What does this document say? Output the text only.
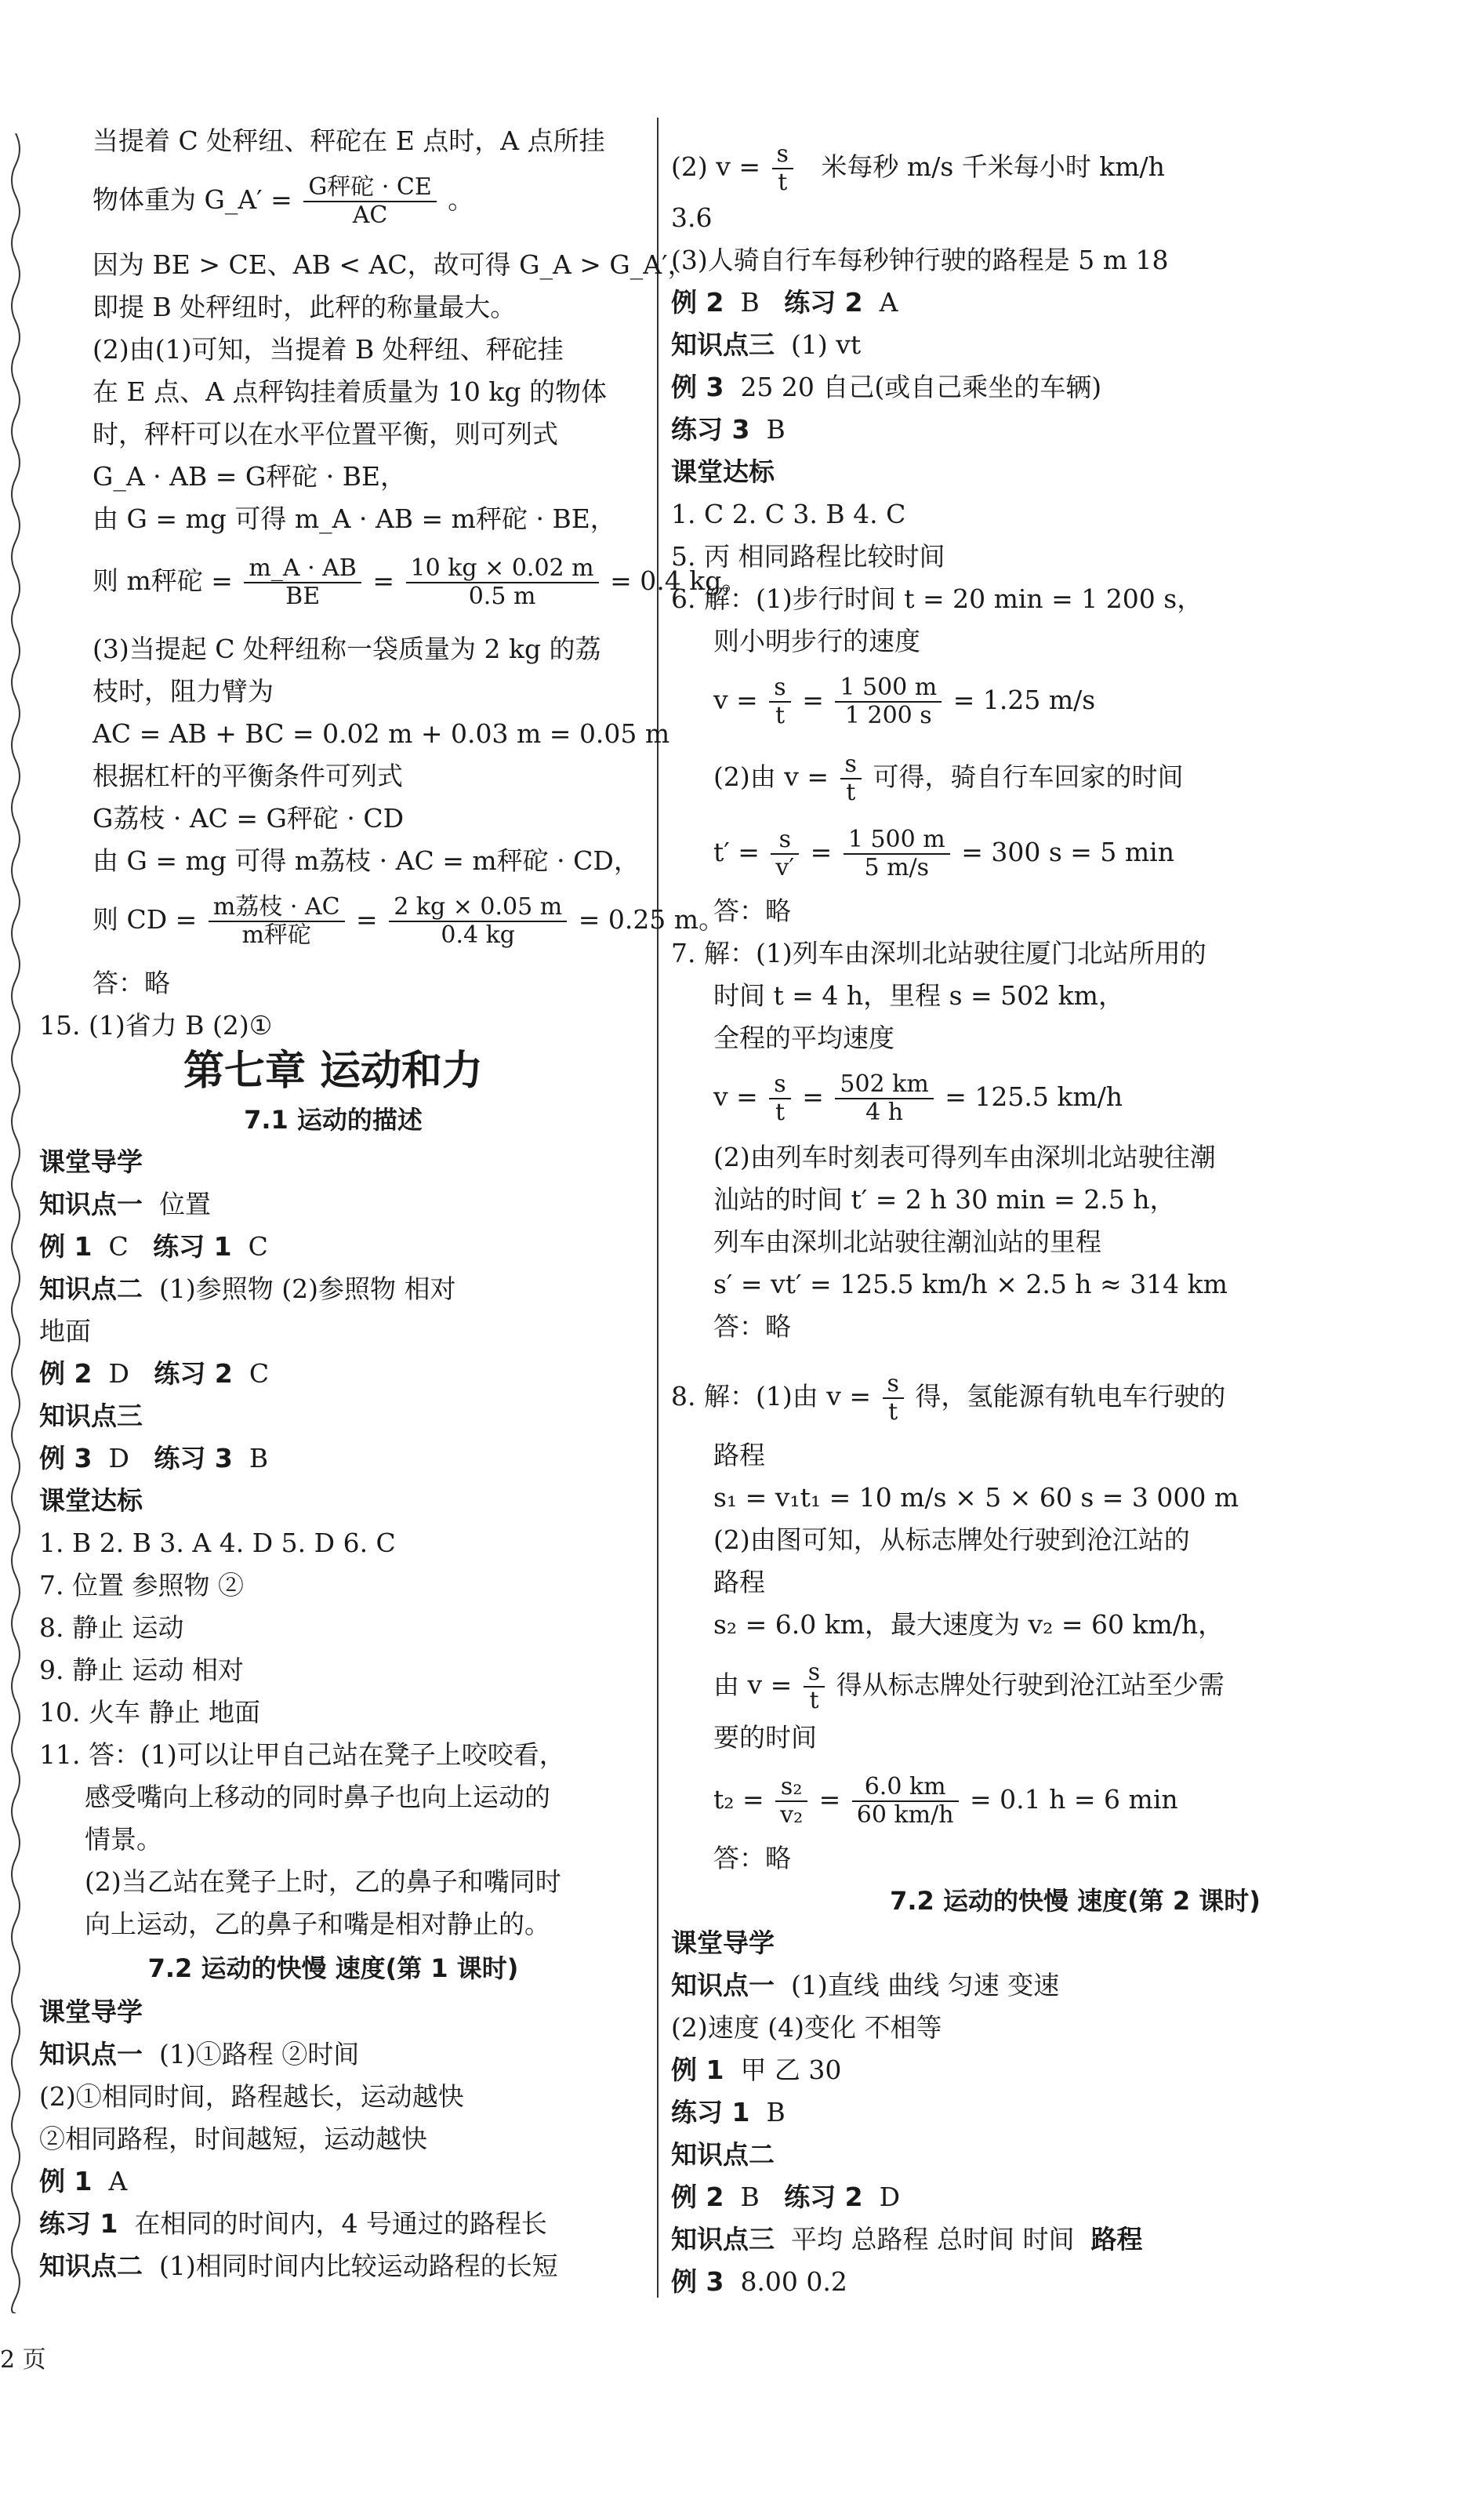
当提着 C 处秤纽、秤砣在 E 点时，A 点所挂
物体重为 G_A′ = $\frac{\text{G秤砣 · CE}}{AC}$ 。
因为 BE > CE、AB < AC，故可得 G_A > G_A′，
即提 B 处秤纽时，此秤的称量最大。
(2)由(1)可知，当提着 B 处秤纽、秤砣挂
在 E 点、A 点秤钩挂着质量为 10 kg 的物体
时，秤杆可以在水平位置平衡，则可列式
G_A · AB = G秤砣 · BE，
由 G = mg 可得 m_A · AB = m秤砣 · BE，
则 m秤砣 = $\frac{m\_A \cdot AB}{BE} = \frac{10 kg \times 0.02 m}{0.5 m} = 0.4$ kg。
(3)当提起 C 处秤纽称一袋质量为 2 kg 的荔
枝时，阻力臂为
AC = AB + BC = 0.02 m + 0.03 m = 0.05 m
根据杠杆的平衡条件可列式
G荔枝 · AC = G秤砣 · CD
由 G = mg 可得 m荔枝 · AC = m秤砣 · CD，
则 CD = $\frac{\text{m荔枝 · AC}}{\text{m秤砣}} = \frac{2 kg \times 0.05 m}{0.4 kg} = 0.25$ m。
答：略
15. (1)省力 B (2)①
第七章 运动和力
7.1 运动的描述
课堂导学
知识点一 位置
例 1 C 练习 1 C
知识点二 (1)参照物 (2)参照物 相对
地面
例 2 D 练习 2 C
知识点三
例 3 D 练习 3 B
课堂达标
1. B 2. B 3. A 4. D 5. D 6. C
7. 位置 参照物 ②
8. 静止 运动
9. 静止 运动 相对
10. 火车 静止 地面
11. 答：(1)可以让甲自己站在凳子上咬咬看，
感受嘴向上移动的同时鼻子也向上运动的
情景。
(2)当乙站在凳子上时，乙的鼻子和嘴同时
向上运动，乙的鼻子和嘴是相对静止的。
7.2 运动的快慢 速度(第 1 课时)
课堂导学
知识点一 (1)①路程 ②时间
(2)①相同时间，路程越长，运动越快
②相同路程，时间越短，运动越快
例 1 A
练习 1 在相同的时间内，4 号通过的路程长
知识点二 (1)相同时间内比较运动路程的长短
(2) $v = \frac{s}{t}$ 米每秒 m/s 千米每小时 km/h
3.6
(3)人骑自行车每秒钟行驶的路程是 5 m 18
例 2 B 练习 2 A
知识点三 (1) vt
例 3 25 20 自己(或自己乘坐的车辆)
练习 3 B
课堂达标
1. C 2. C 3. B 4. C
5. 丙 相同路程比较时间
6. 解：(1)步行时间 t = 20 min = 1 200 s，
则小明步行的速度
$v = \frac{s}{t} = \frac{1 500 m}{1 200 s} = 1.25$ m/s
(2)由 $v = \frac{s}{t}$ 可得，骑自行车回家的时间
$t' = \frac{s}{v'} = \frac{1 500 m}{5 m/s} = 300$ s = 5 min
答：略
7. 解：(1)列车由深圳北站驶往厦门北站所用的
时间 t = 4 h，里程 s = 502 km，
全程的平均速度
$v = \frac{s}{t} = \frac{502 km}{4 h} = 125.5$ km/h
(2)由列车时刻表可得列车由深圳北站驶往潮
汕站的时间 t′ = 2 h 30 min = 2.5 h，
列车由深圳北站驶往潮汕站的里程
s′ = vt′ = 125.5 km/h × 2.5 h ≈ 314 km
答：略
8. 解：(1)由 $v = \frac{s}{t}$ 得，氢能源有轨电车行驶的
路程
s₁ = v₁t₁ = 10 m/s × 5 × 60 s = 3 000 m
(2)由图可知，从标志牌处行驶到沧江站的
路程
s₂ = 6.0 km，最大速度为 v₂ = 60 km/h，
由 $v = \frac{s}{t}$ 得从标志牌处行驶到沧江站至少需
要的时间
$t_2 = \frac{\text{s₂}}{\text{v₂}} = \frac{6.0 km}{60 km/h} = 0.1$ h = 6 min
答：略
7.2 运动的快慢 速度(第 2 课时)
课堂导学
知识点一 (1)直线 曲线 匀速 变速
(2)速度 (4)变化 不相等
例 1 甲 乙 30
练习 1 B
知识点二
例 2 B 练习 2 D
知识点三 平均 总路程 总时间 时间 路程
例 3 8.00 0.2
2 页
